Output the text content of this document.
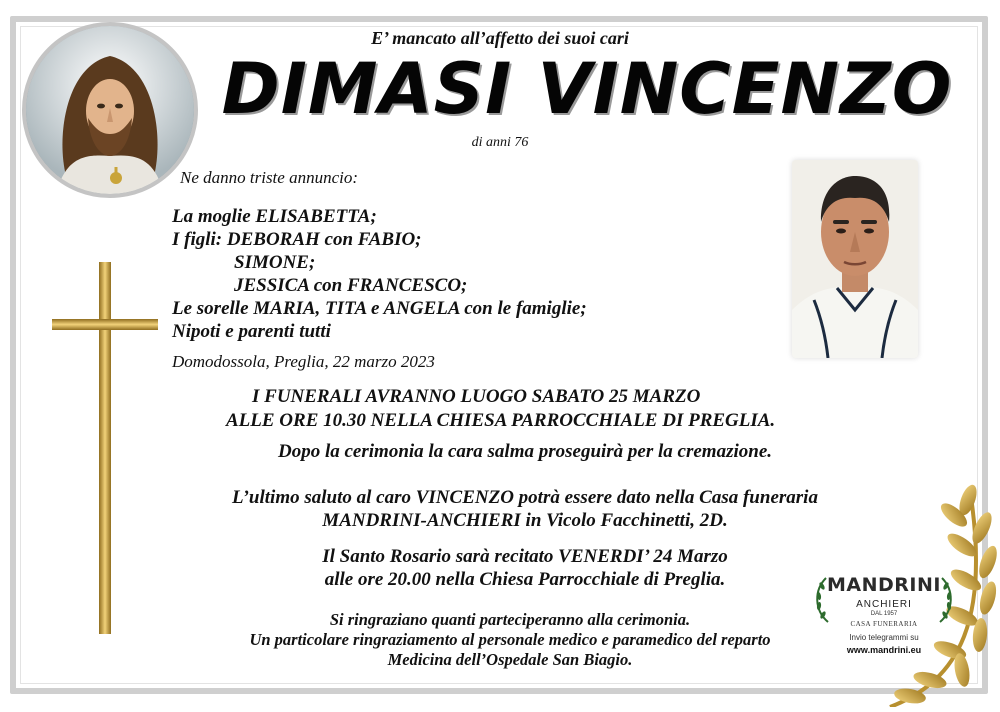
E’ mancato all’affetto dei suoi cari
DIMASI VINCENZO
di anni 76
Ne danno triste annuncio:
La moglie ELISABETTA;
I figli: DEBORAH con FABIO;
SIMONE;
JESSICA con FRANCESCO;
Le sorelle MARIA, TITA e ANGELA con le famiglie;
Nipoti e parenti tutti
Domodossola, Preglia, 22 marzo 2023
I FUNERALI AVRANNO LUOGO SABATO 25 MARZO
ALLE ORE 10.30 NELLA CHIESA PARROCCHIALE DI PREGLIA.
Dopo la cerimonia la cara salma proseguirà per la cremazione.
L’ultimo saluto al caro VINCENZO potrà essere dato nella Casa funeraria
MANDRINI-ANCHIERI in Vicolo Facchinetti, 2D.
Il Santo Rosario sarà recitato VENERDI’ 24 Marzo
alle ore 20.00 nella Chiesa Parrocchiale di Preglia.
Si ringraziano quanti parteciperanno alla cerimonia.
Un particolare ringraziamento al personale medico e paramedico del reparto
Medicina dell’Ospedale San Biagio.
MANDRINI
ANCHIERI
DAL 1957
CASA FUNERARIA
Invio telegrammi su
www.mandrini.eu
